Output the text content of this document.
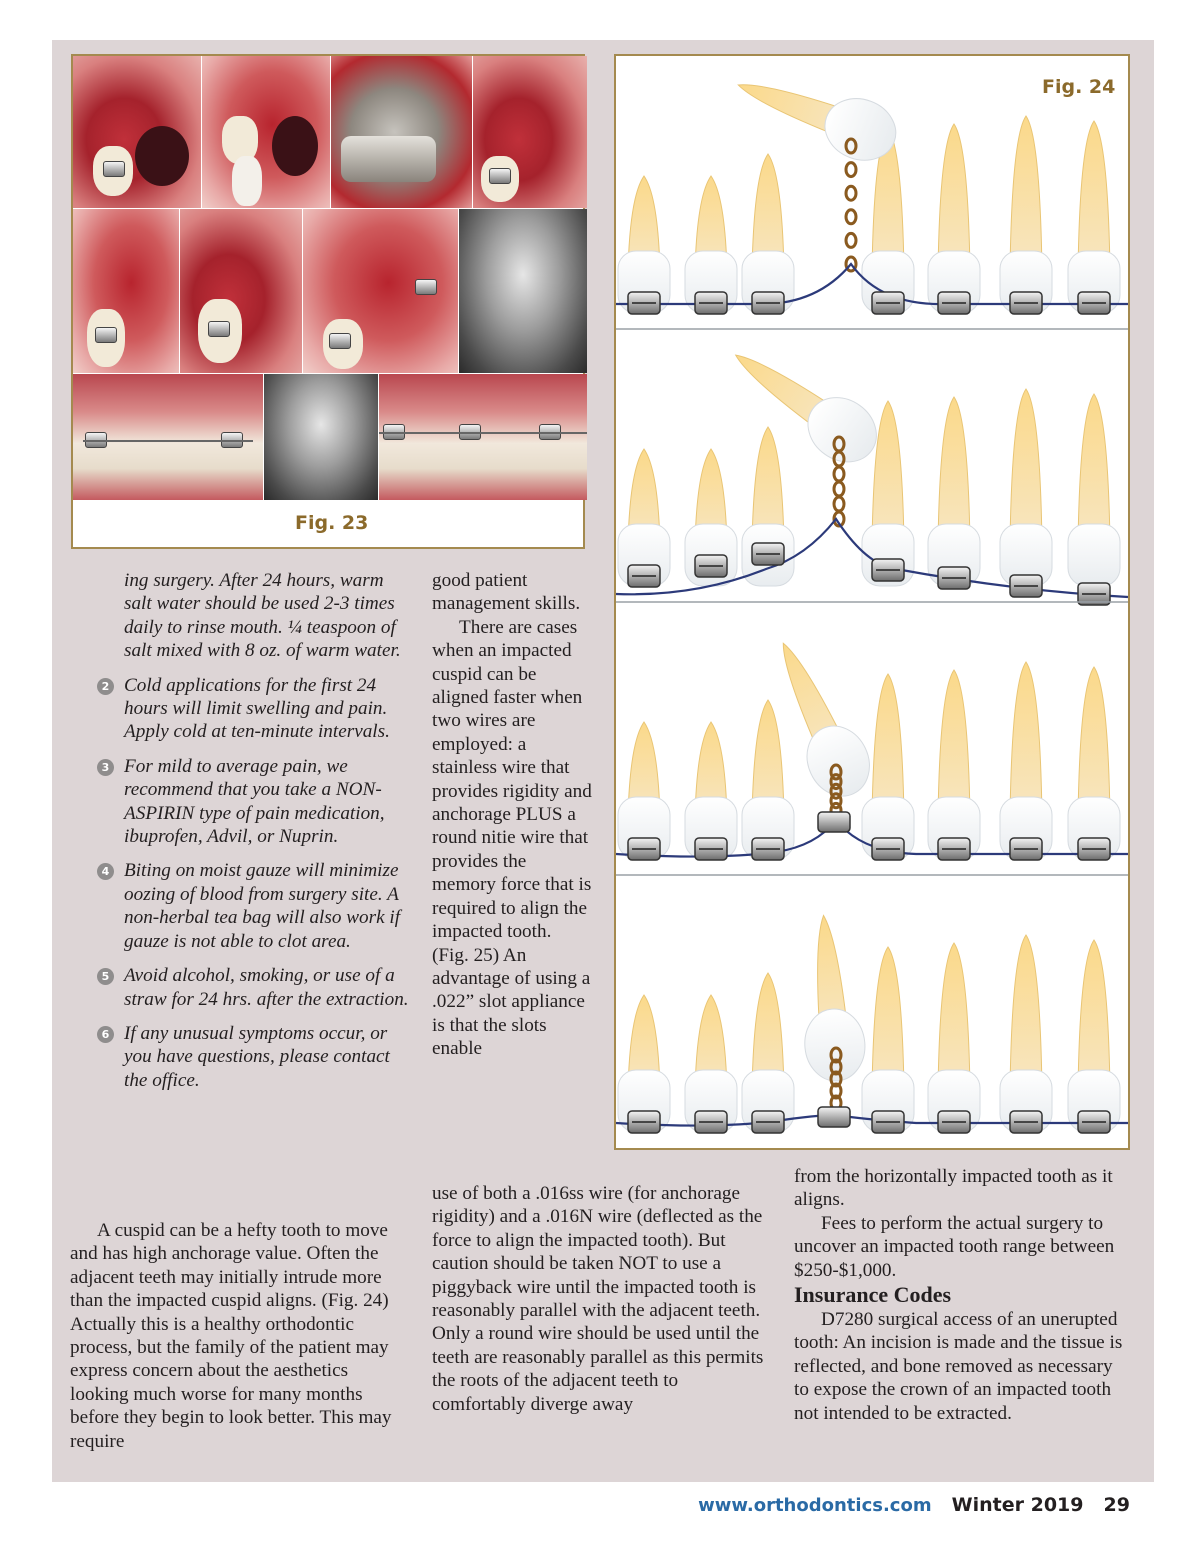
Fig. 23
Fig. 24
ing surgery. After 24 hours, warm salt water should be used 2-3 times daily to rinse mouth. ¼ teaspoon of salt mixed with 8 oz. of warm water.
2 Cold applications for the first 24 hours will limit swelling and pain. Apply cold at ten-minute intervals.
3 For mild to average pain, we recommend that you take a NON-ASPIRIN type of pain medication, ibuprofen, Advil, or Nuprin.
4 Biting on moist gauze will minimize oozing of blood from surgery site. A non-herbal tea bag will also work if gauze is not able to clot area.
5 Avoid alcohol, smoking, or use of a straw for 24 hrs. after the extraction.
6 If any unusual symptoms occur, or you have questions, please contact the office.

A cuspid can be a hefty tooth to move and has high anchorage value. Often the adjacent teeth may initially intrude more than the impacted cuspid aligns. (Fig. 24) Actually this is a healthy orthodontic process, but the family of the patient may express concern about the aesthetics looking much worse for many months before they begin to look better. This may require

good patient management skills.

There are cases when an impacted cuspid can be aligned faster when two wires are employed: a stainless wire that provides rigidity and anchorage PLUS a round nitie wire that provides the memory force that is required to align the impacted tooth. (Fig. 25) An advantage of using a .022” slot appliance is that the slots enable

use of both a .016ss wire (for anchorage rigidity) and a .016N wire (deflected as the force to align the impacted tooth). But caution should be taken NOT to use a piggyback wire until the impacted tooth is reasonably parallel with the adjacent teeth. Only a round wire should be used until the teeth are reasonably parallel as this permits the roots of the adjacent teeth to comfortably diverge away

from the horizontally impacted tooth as it aligns.

Fees to perform the actual surgery to uncover an impacted tooth range between $250-$1,000.

Insurance Codes

D7280 surgical access of an unerupted tooth: An incision is made and the tissue is reflected, and bone removed as necessary to expose the crown of an impacted tooth not intended to be extracted.

www.orthodontics.com Winter 2019 29
